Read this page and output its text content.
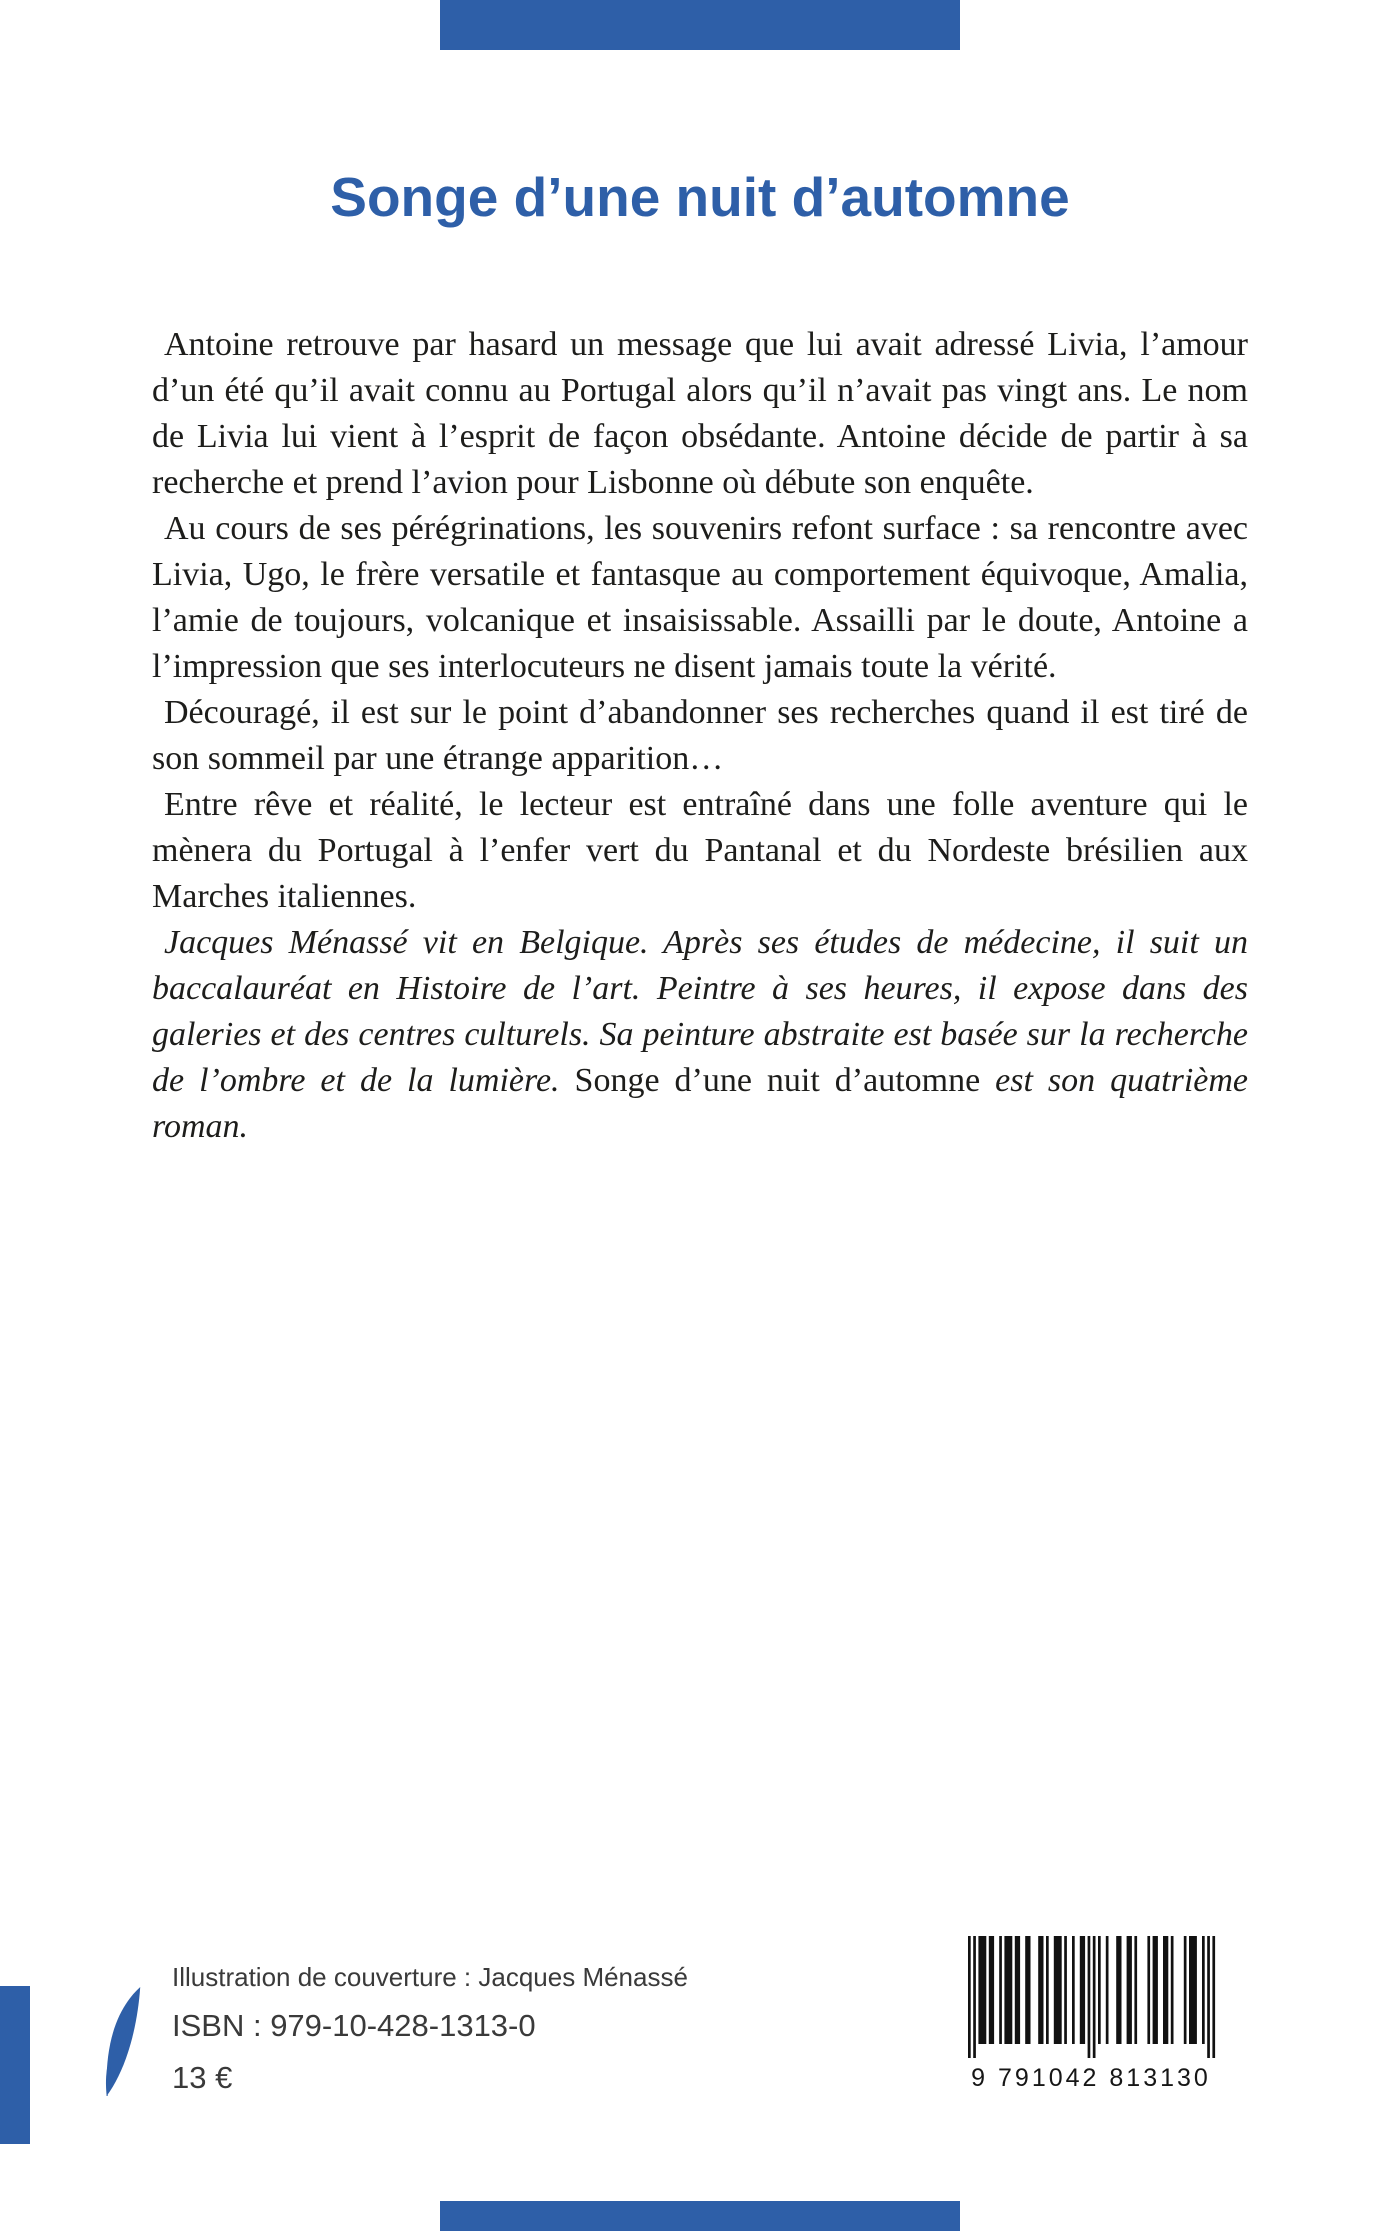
Songe d’une nuit d’automne

Antoine retrouve par hasard un message que lui avait adressé Livia, l’amour d’un été qu’il avait connu au Portugal alors qu’il n’avait pas vingt ans. Le nom de Livia lui vient à l’esprit de façon obsédante. Antoine décide de partir à sa recherche et prend l’avion pour Lisbonne où débute son enquête.

Au cours de ses pérégrinations, les souvenirs refont surface : sa rencontre avec Livia, Ugo, le frère versatile et fantasque au comportement équivoque, Amalia, l’amie de toujours, volcanique et insaisissable. Assailli par le doute, Antoine a l’impression que ses interlocuteurs ne disent jamais toute la vérité.

Découragé, il est sur le point d’abandonner ses recherches quand il est tiré de son sommeil par une étrange apparition…

Entre rêve et réalité, le lecteur est entraîné dans une folle aventure qui le mènera du Portugal à l’enfer vert du Pantanal et du Nordeste brésilien aux Marches italiennes.

Jacques Ménassé vit en Belgique. Après ses études de médecine, il suit un baccalauréat en Histoire de l’art. Peintre à ses heures, il expose dans des galeries et des centres culturels. Sa peinture abstraite est basée sur la recherche de l’ombre et de la lumière. Songe d’une nuit d’automne est son quatrième roman.

Illustration de couverture : Jacques Ménassé
ISBN : 979-10-428-1313-0
13 €	9 791042 813130
